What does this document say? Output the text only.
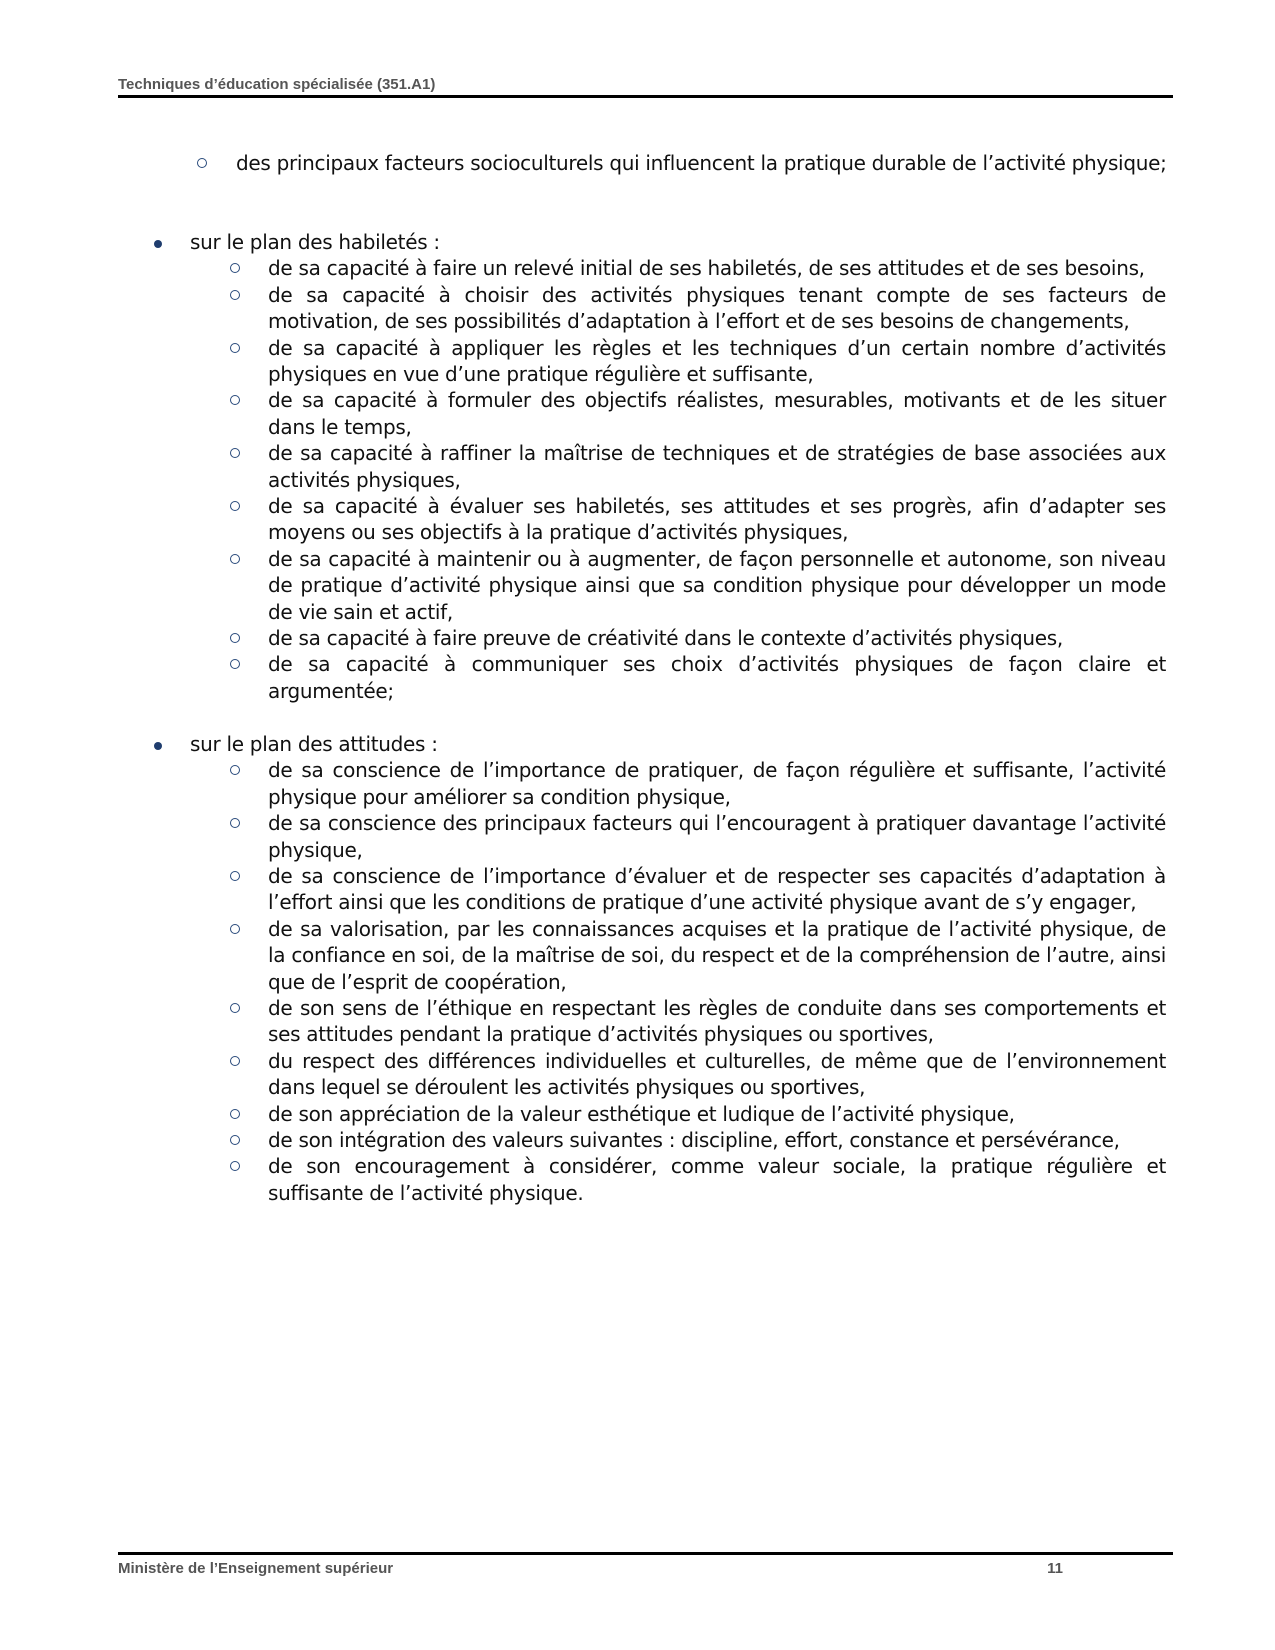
Techniques d’éducation spécialisée (351.A1)
des principaux facteurs socioculturels qui influencent la pratique durable de l’activité physique;
sur le plan des habiletés :
de sa capacité à faire un relevé initial de ses habiletés, de ses attitudes et de ses besoins,
de sa capacité à choisir des activités physiques tenant compte de ses facteurs de motivation, de ses possibilités d’adaptation à l’effort et de ses besoins de changements,
de sa capacité à appliquer les règles et les techniques d’un certain nombre d’activités physiques en vue d’une pratique régulière et suffisante,
de sa capacité à formuler des objectifs réalistes, mesurables, motivants et de les situer dans le temps,
de sa capacité à raffiner la maîtrise de techniques et de stratégies de base associées aux activités physiques,
de sa capacité à évaluer ses habiletés, ses attitudes et ses progrès, afin d’adapter ses moyens ou ses objectifs à la pratique d’activités physiques,
de sa capacité à maintenir ou à augmenter, de façon personnelle et autonome, son niveau de pratique d’activité physique ainsi que sa condition physique pour développer un mode de vie sain et actif,
de sa capacité à faire preuve de créativité dans le contexte d’activités physiques,
de sa capacité à communiquer ses choix d’activités physiques de façon claire et argumentée;
sur le plan des attitudes :
de sa conscience de l’importance de pratiquer, de façon régulière et suffisante, l’activité physique pour améliorer sa condition physique,
de sa conscience des principaux facteurs qui l’encouragent à pratiquer davantage l’activité physique,
de sa conscience de l’importance d’évaluer et de respecter ses capacités d’adaptation à l’effort ainsi que les conditions de pratique d’une activité physique avant de s’y engager,
de sa valorisation, par les connaissances acquises et la pratique de l’activité physique, de la confiance en soi, de la maîtrise de soi, du respect et de la compréhension de l’autre, ainsi que de l’esprit de coopération,
de son sens de l’éthique en respectant les règles de conduite dans ses comportements et ses attitudes pendant la pratique d’activités physiques ou sportives,
du respect des différences individuelles et culturelles, de même que de l’environnement dans lequel se déroulent les activités physiques ou sportives,
de son appréciation de la valeur esthétique et ludique de l’activité physique,
de son intégration des valeurs suivantes : discipline, effort, constance et persévérance,
de son encouragement à considérer, comme valeur sociale, la pratique régulière et suffisante de l’activité physique.
Ministère de l’Enseignement supérieur	11
